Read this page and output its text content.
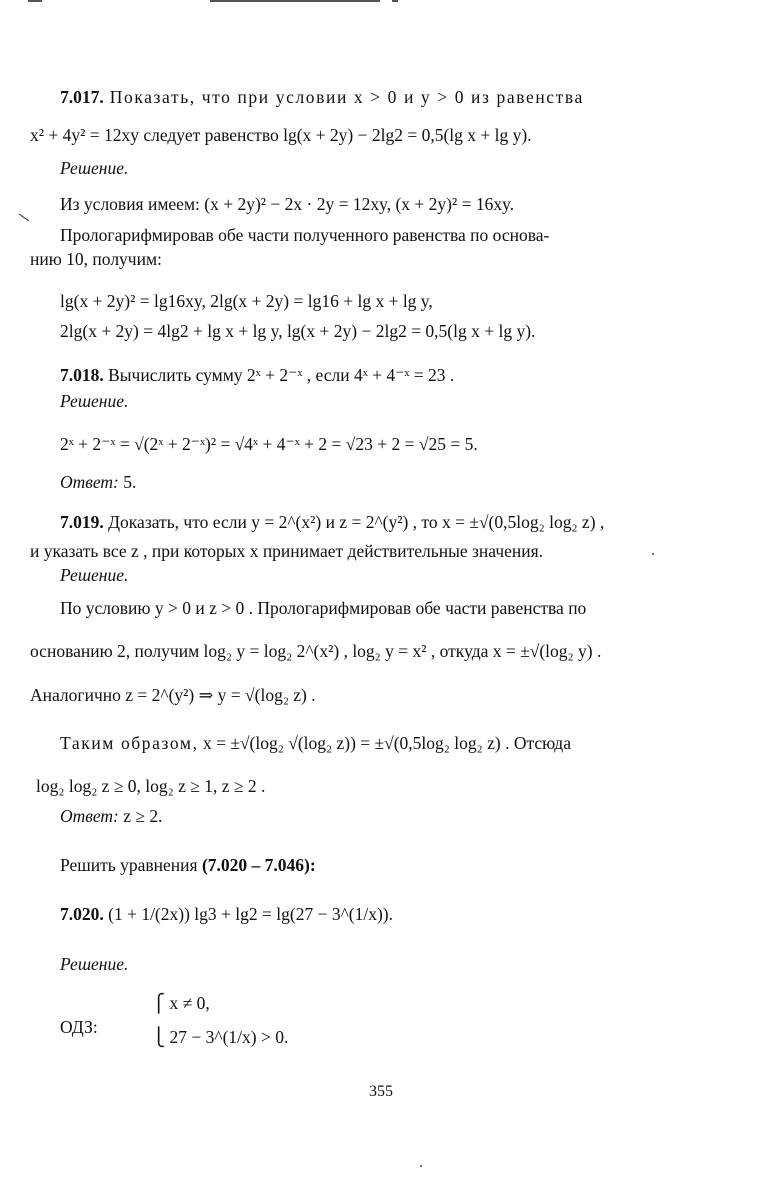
7.017. Показать, что при условии x > 0 и y > 0 из равенства
x² + 4y² = 12xy следует равенство lg(x + 2y) − 2lg2 = 0,5(lg x + lg y).
Решение.
Из условия имеем: (x + 2y)² − 2x · 2y = 12xy, (x + 2y)² = 16xy.
Прологарифмировав обе части полученного равенства по основа-
нию 10, получим:
lg(x + 2y)² = lg16xy, 2lg(x + 2y) = lg16 + lg x + lg y,
2lg(x + 2y) = 4lg2 + lg x + lg y, lg(x + 2y) − 2lg2 = 0,5(lg x + lg y).
7.018. Вычислить сумму 2ˣ + 2⁻ˣ , если 4ˣ + 4⁻ˣ = 23 .
Решение.
2ˣ + 2⁻ˣ = √(2ˣ + 2⁻ˣ)² = √4ˣ + 4⁻ˣ + 2 = √23 + 2 = √25 = 5.
Ответ: 5.
7.019. Доказать, что если y = 2^(x²) и z = 2^(y²) , то x = ±√(0,5log₂ log₂ z) ,
и указать все z , при которых x принимает действительные значения.
Решение.
По условию y > 0 и z > 0 . Прологарифмировав обе части равенства по
основанию 2, получим log₂ y = log₂ 2^(x²) , log₂ y = x² , откуда x = ±√(log₂ y) .
Аналогично z = 2^(y²) ⇒ y = √(log₂ z) .
Таким образом, x = ±√(log₂ √(log₂ z)) = ±√(0,5log₂ log₂ z) . Отсюда
log₂ log₂ z ≥ 0, log₂ z ≥ 1, z ≥ 2 .
Ответ: z ≥ 2.
Решить уравнения (7.020 – 7.046):
7.020. (1 + 1/(2x)) lg3 + lg2 = lg(27 − 3^(1/x)).
Решение.
ОДЗ:
⎧ x ≠ 0,
⎩ 27 − 3^(1/x) > 0.
355
